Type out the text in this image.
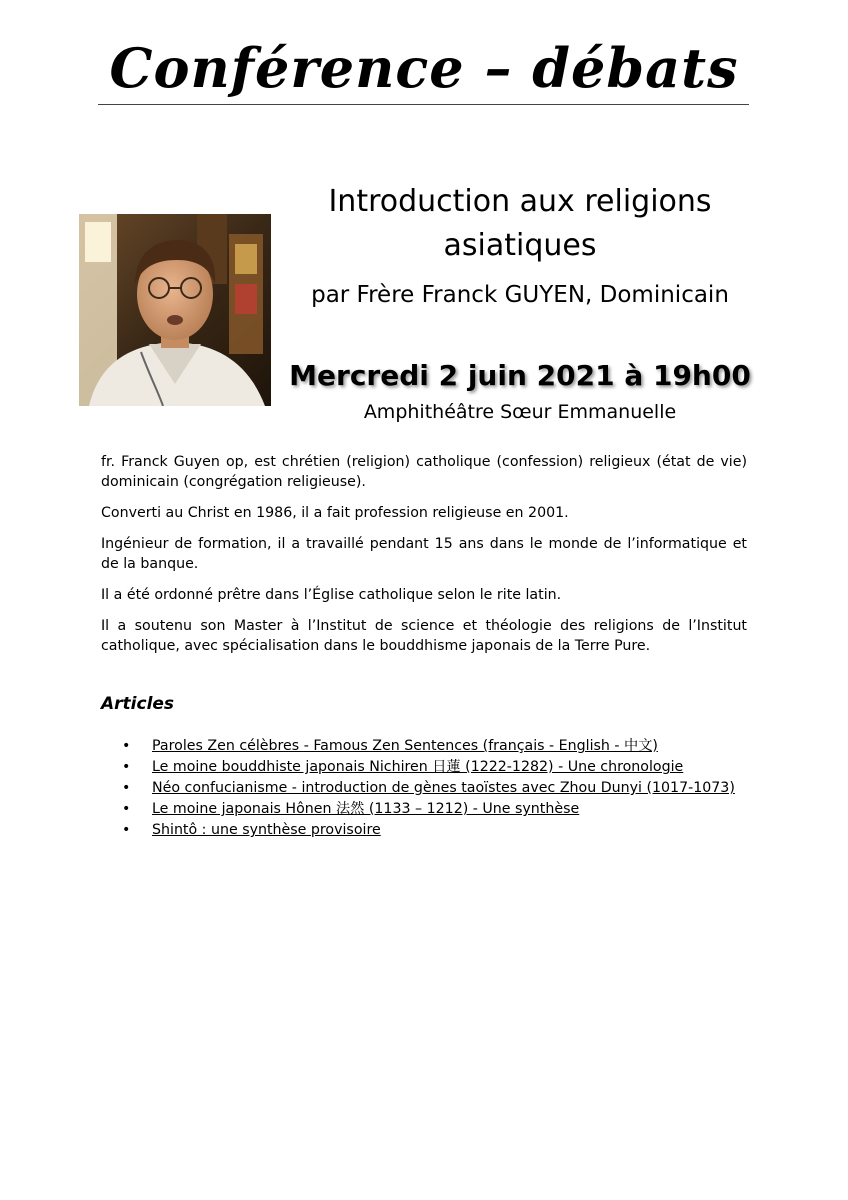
Conférence – débats
Introduction aux religions
asiatiques
par Frère Franck GUYEN, Dominicain
Mercredi 2 juin 2021 à 19h00
Amphithéâtre Sœur Emmanuelle

fr. Franck Guyen op, est chrétien (religion) catholique (confession) religieux (état de vie) dominicain (congrégation religieuse).

Converti au Christ en 1986, il a fait profession religieuse en 2001.

Ingénieur de formation, il a travaillé pendant 15 ans dans le monde de l’informatique et de la banque.

Il a été ordonné prêtre dans l’Église catholique selon le rite latin.

Il a soutenu son Master à l’Institut de science et théologie des religions de l’Institut catholique, avec spécialisation dans le bouddhisme japonais de la Terre Pure.

Articles
• Paroles Zen célèbres - Famous Zen Sentences (français - English - 中文)
• Le moine bouddhiste japonais Nichiren 日蓮 (1222-1282) - Une chronologie
• Néo confucianisme - introduction de gènes taoïstes avec Zhou Dunyi (1017-1073)
• Le moine japonais Hônen 法然 (1133 – 1212) - Une synthèse
• Shintô : une synthèse provisoire
